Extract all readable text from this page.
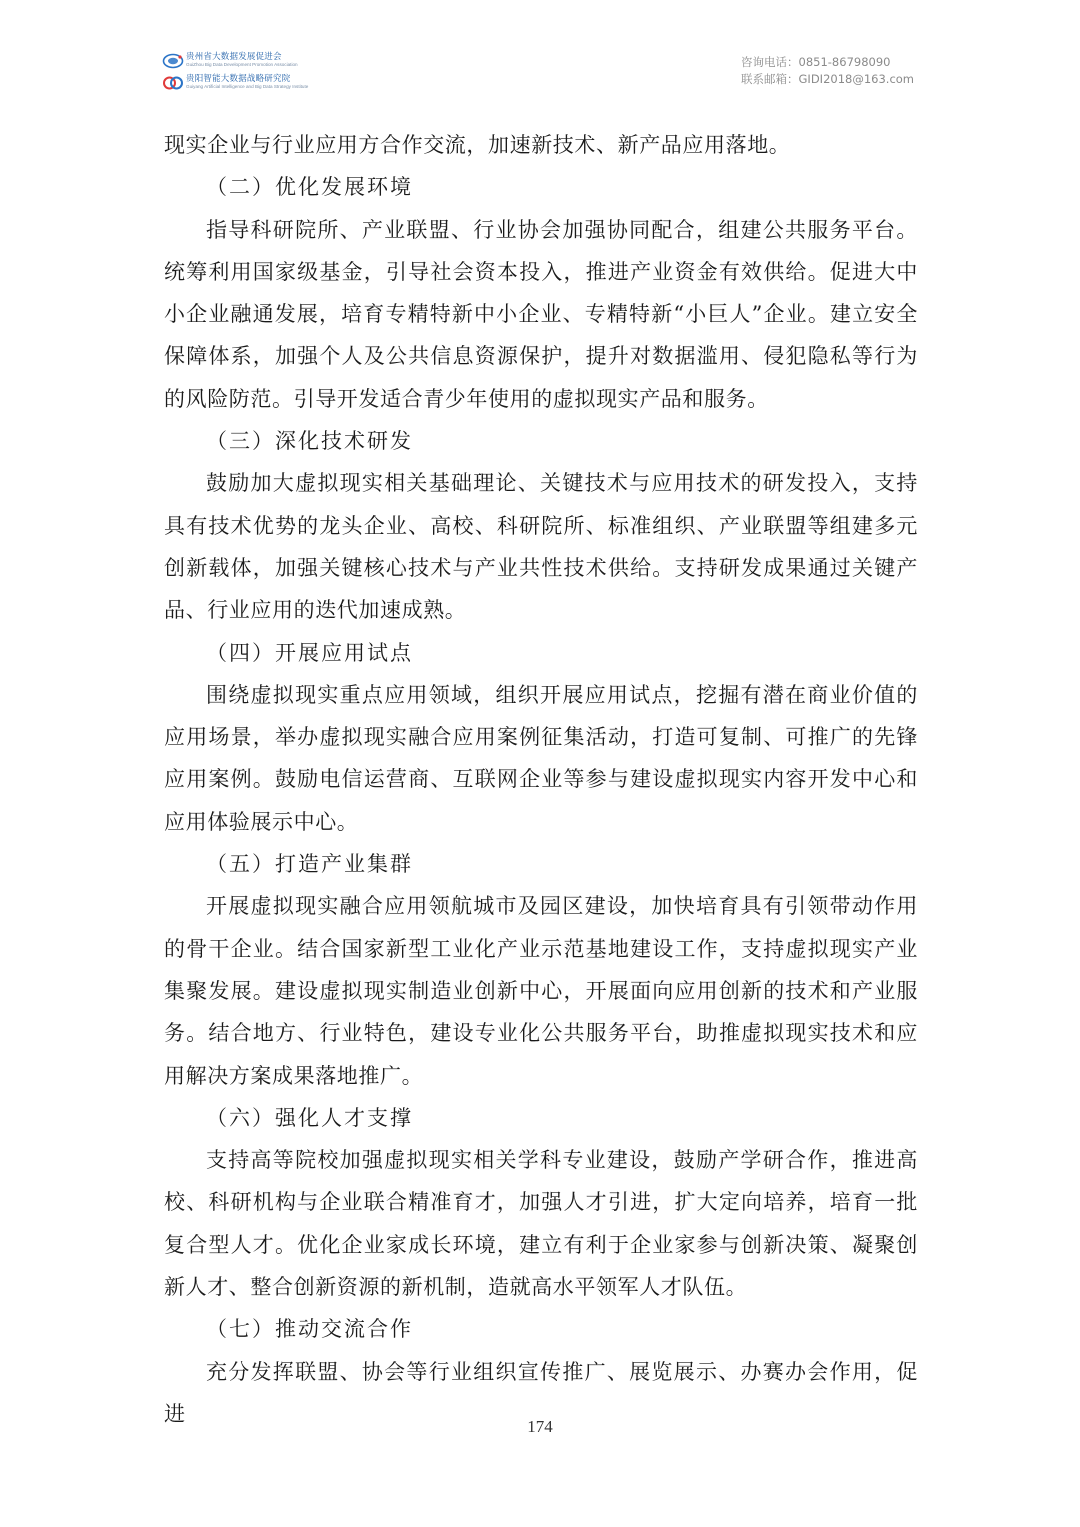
贵州省大数据发展促进会
GuiZhou Big Data Development Promotion Association
贵阳智能大数据战略研究院
Guiyang Artificial Intelligence and Big Data Strategy Institute
咨询电话：0851-86798090
联系邮箱：GIDI2018@163.com

现实企业与行业应用方合作交流，加速新技术、新产品应用落地。

（二）优化发展环境

指导科研院所、产业联盟、行业协会加强协同配合，组建公共服务平台。统筹利用国家级基金，引导社会资本投入，推进产业资金有效供给。促进大中小企业融通发展，培育专精特新中小企业、专精特新“小巨人”企业。建立安全保障体系，加强个人及公共信息资源保护，提升对数据滥用、侵犯隐私等行为的风险防范。引导开发适合青少年使用的虚拟现实产品和服务。

（三）深化技术研发

鼓励加大虚拟现实相关基础理论、关键技术与应用技术的研发投入，支持具有技术优势的龙头企业、高校、科研院所、标准组织、产业联盟等组建多元创新载体，加强关键核心技术与产业共性技术供给。支持研发成果通过关键产品、行业应用的迭代加速成熟。

（四）开展应用试点

围绕虚拟现实重点应用领域，组织开展应用试点，挖掘有潜在商业价值的应用场景，举办虚拟现实融合应用案例征集活动，打造可复制、可推广的先锋应用案例。鼓励电信运营商、互联网企业等参与建设虚拟现实内容开发中心和应用体验展示中心。

（五）打造产业集群

开展虚拟现实融合应用领航城市及园区建设，加快培育具有引领带动作用的骨干企业。结合国家新型工业化产业示范基地建设工作，支持虚拟现实产业集聚发展。建设虚拟现实制造业创新中心，开展面向应用创新的技术和产业服务。结合地方、行业特色，建设专业化公共服务平台，助推虚拟现实技术和应用解决方案成果落地推广。

（六）强化人才支撑

支持高等院校加强虚拟现实相关学科专业建设，鼓励产学研合作，推进高校、科研机构与企业联合精准育才，加强人才引进，扩大定向培养，培育一批复合型人才。优化企业家成长环境，建立有利于企业家参与创新决策、凝聚创新人才、整合创新资源的新机制，造就高水平领军人才队伍。

（七）推动交流合作

充分发挥联盟、协会等行业组织宣传推广、展览展示、办赛办会作用，促进

174
